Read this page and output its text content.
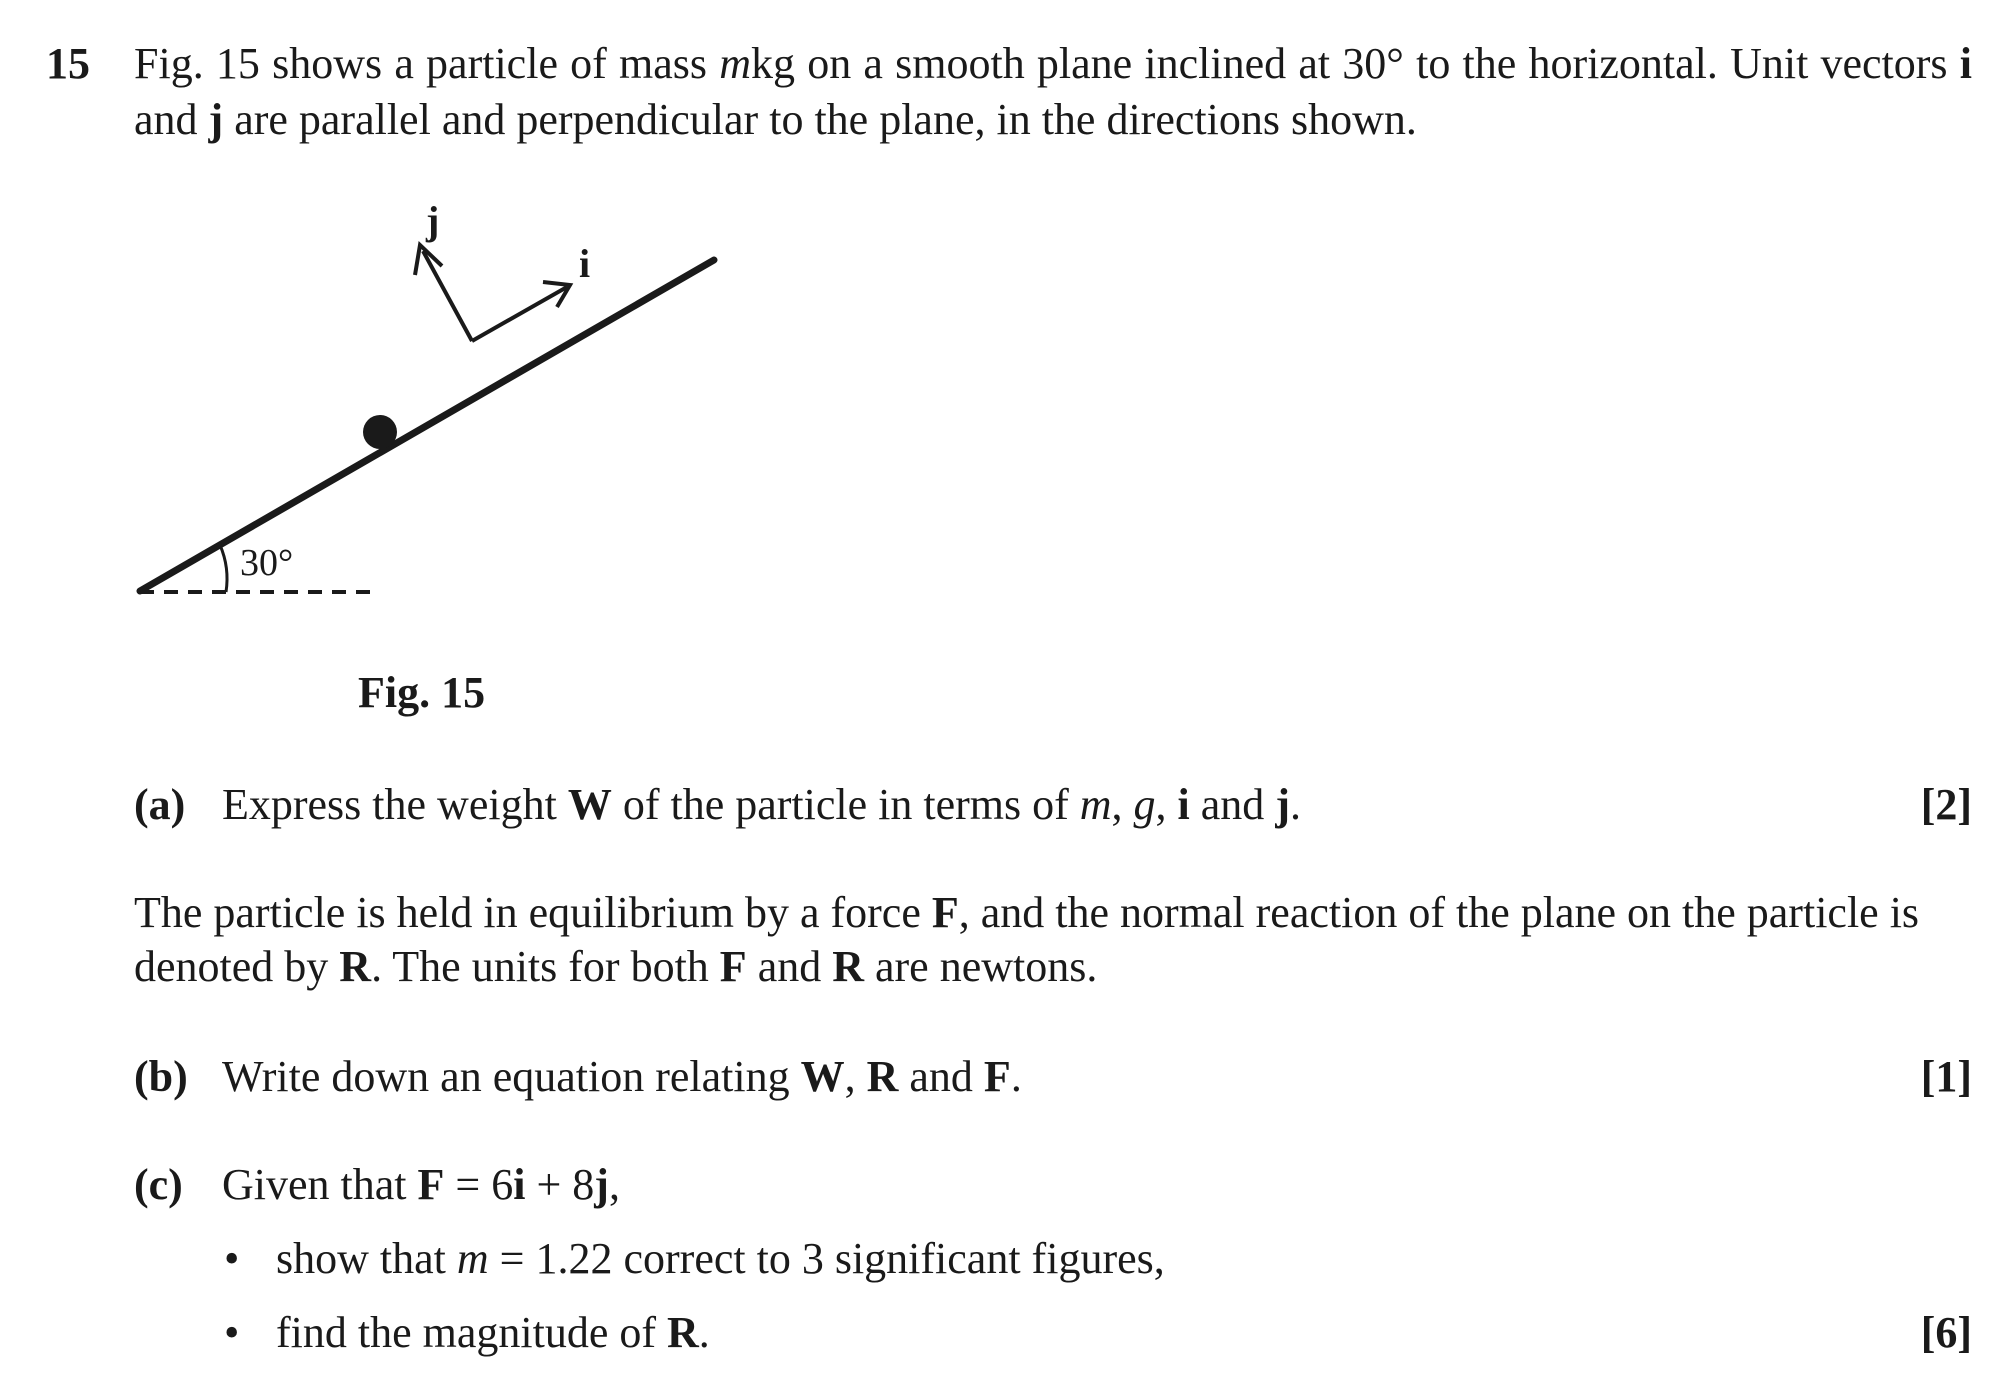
15 Fig. 15 shows a particle of mass mkg on a smooth plane inclined at 30° to the horizontal. Unit vectors i and j are parallel and perpendicular to the plane, in the directions shown.
30°
j
i
Fig. 15
(a) Express the weight W of the particle in terms of m, g, i and j.	[2]
The particle is held in equilibrium by a force F, and the normal reaction of the plane on the particle is denoted by R. The units for both F and R are newtons.
(b) Write down an equation relating W, R and F.	[1]
(c) Given that F = 6i + 8j,
• show that m = 1.22 correct to 3 significant figures,
• find the magnitude of R.	[6]
